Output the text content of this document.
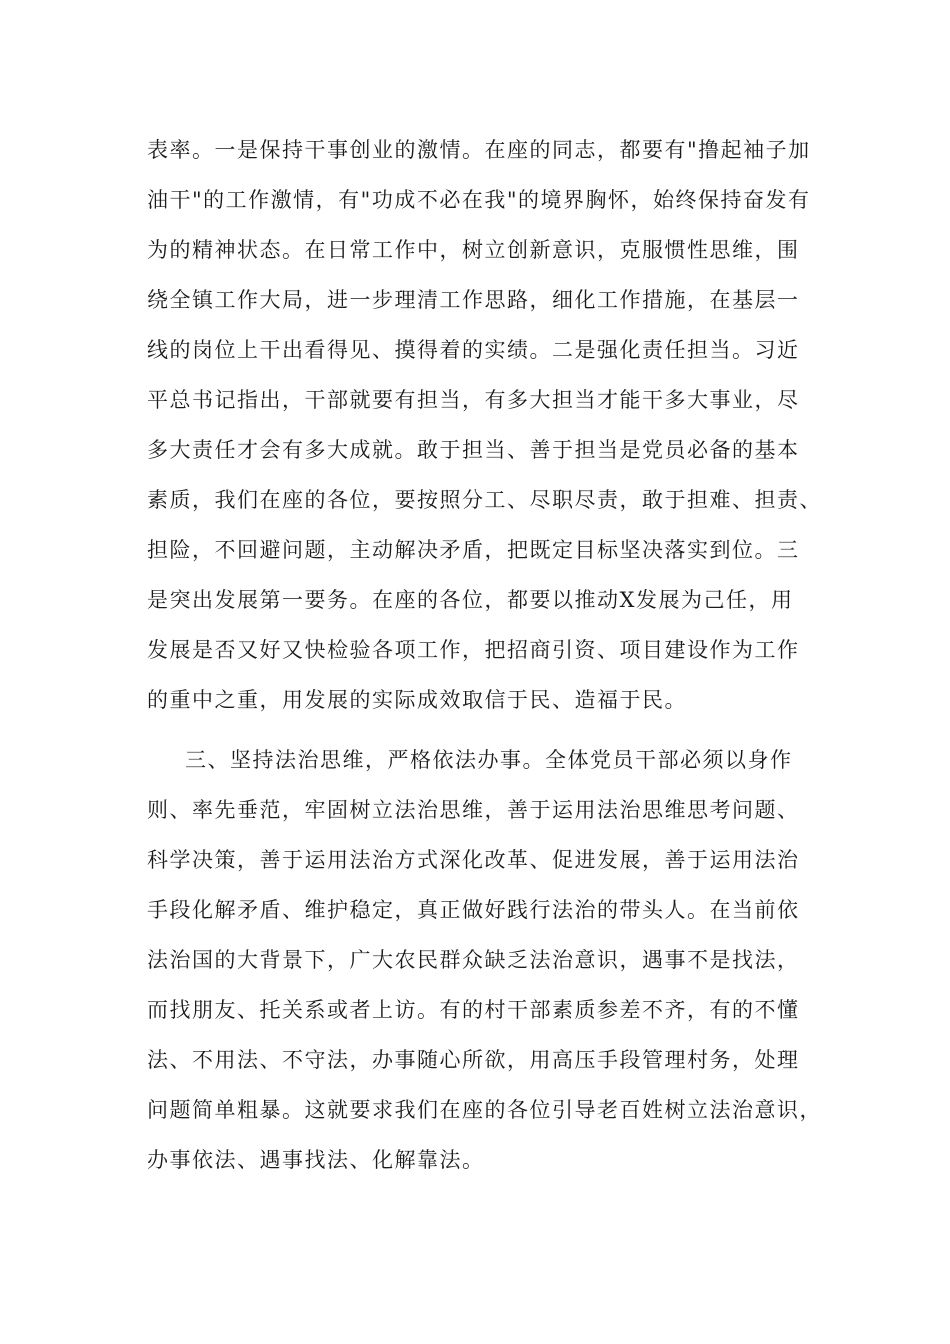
表率。一是保持干事创业的激情。在座的同志，都要有"撸起袖子加
油干"的工作激情，有"功成不必在我"的境界胸怀，始终保持奋发有
为的精神状态。在日常工作中，树立创新意识，克服惯性思维，围
绕全镇工作大局，进一步理清工作思路，细化工作措施，在基层一
线的岗位上干出看得见、摸得着的实绩。二是强化责任担当。习近
平总书记指出，干部就要有担当，有多大担当才能干多大事业，尽
多大责任才会有多大成就。敢于担当、善于担当是党员必备的基本
素质，我们在座的各位，要按照分工、尽职尽责，敢于担难、担责、
担险，不回避问题，主动解决矛盾，把既定目标坚决落实到位。三
是突出发展第一要务。在座的各位，都要以推动X发展为己任，用
发展是否又好又快检验各项工作，把招商引资、项目建设作为工作
的重中之重，用发展的实际成效取信于民、造福于民。
三、坚持法治思维，严格依法办事。全体党员干部必须以身作
则、率先垂范，牢固树立法治思维，善于运用法治思维思考问题、
科学决策，善于运用法治方式深化改革、促进发展，善于运用法治
手段化解矛盾、维护稳定，真正做好践行法治的带头人。在当前依
法治国的大背景下，广大农民群众缺乏法治意识，遇事不是找法，
而找朋友、托关系或者上访。有的村干部素质参差不齐，有的不懂
法、不用法、不守法，办事随心所欲，用高压手段管理村务，处理
问题简单粗暴。这就要求我们在座的各位引导老百姓树立法治意识，
办事依法、遇事找法、化解靠法。
